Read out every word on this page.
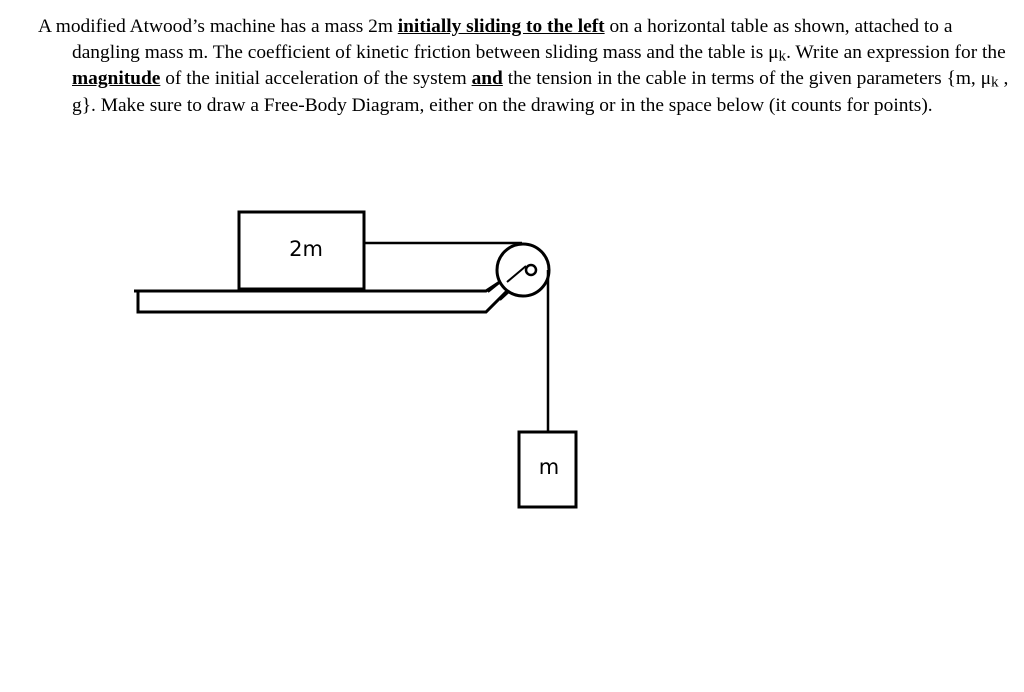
A modified Atwood’s machine has a mass 2m initially sliding to the left on a horizontal table as shown, attached to a dangling mass m. The coefficient of kinetic friction between sliding mass and the table is μk. Write an expression for the magnitude of the initial acceleration of the system and the tension in the cable in terms of the given parameters {m, μk , g}. Make sure to draw a Free-Body Diagram, either on the drawing or in the space below (it counts for points).

2m
m
